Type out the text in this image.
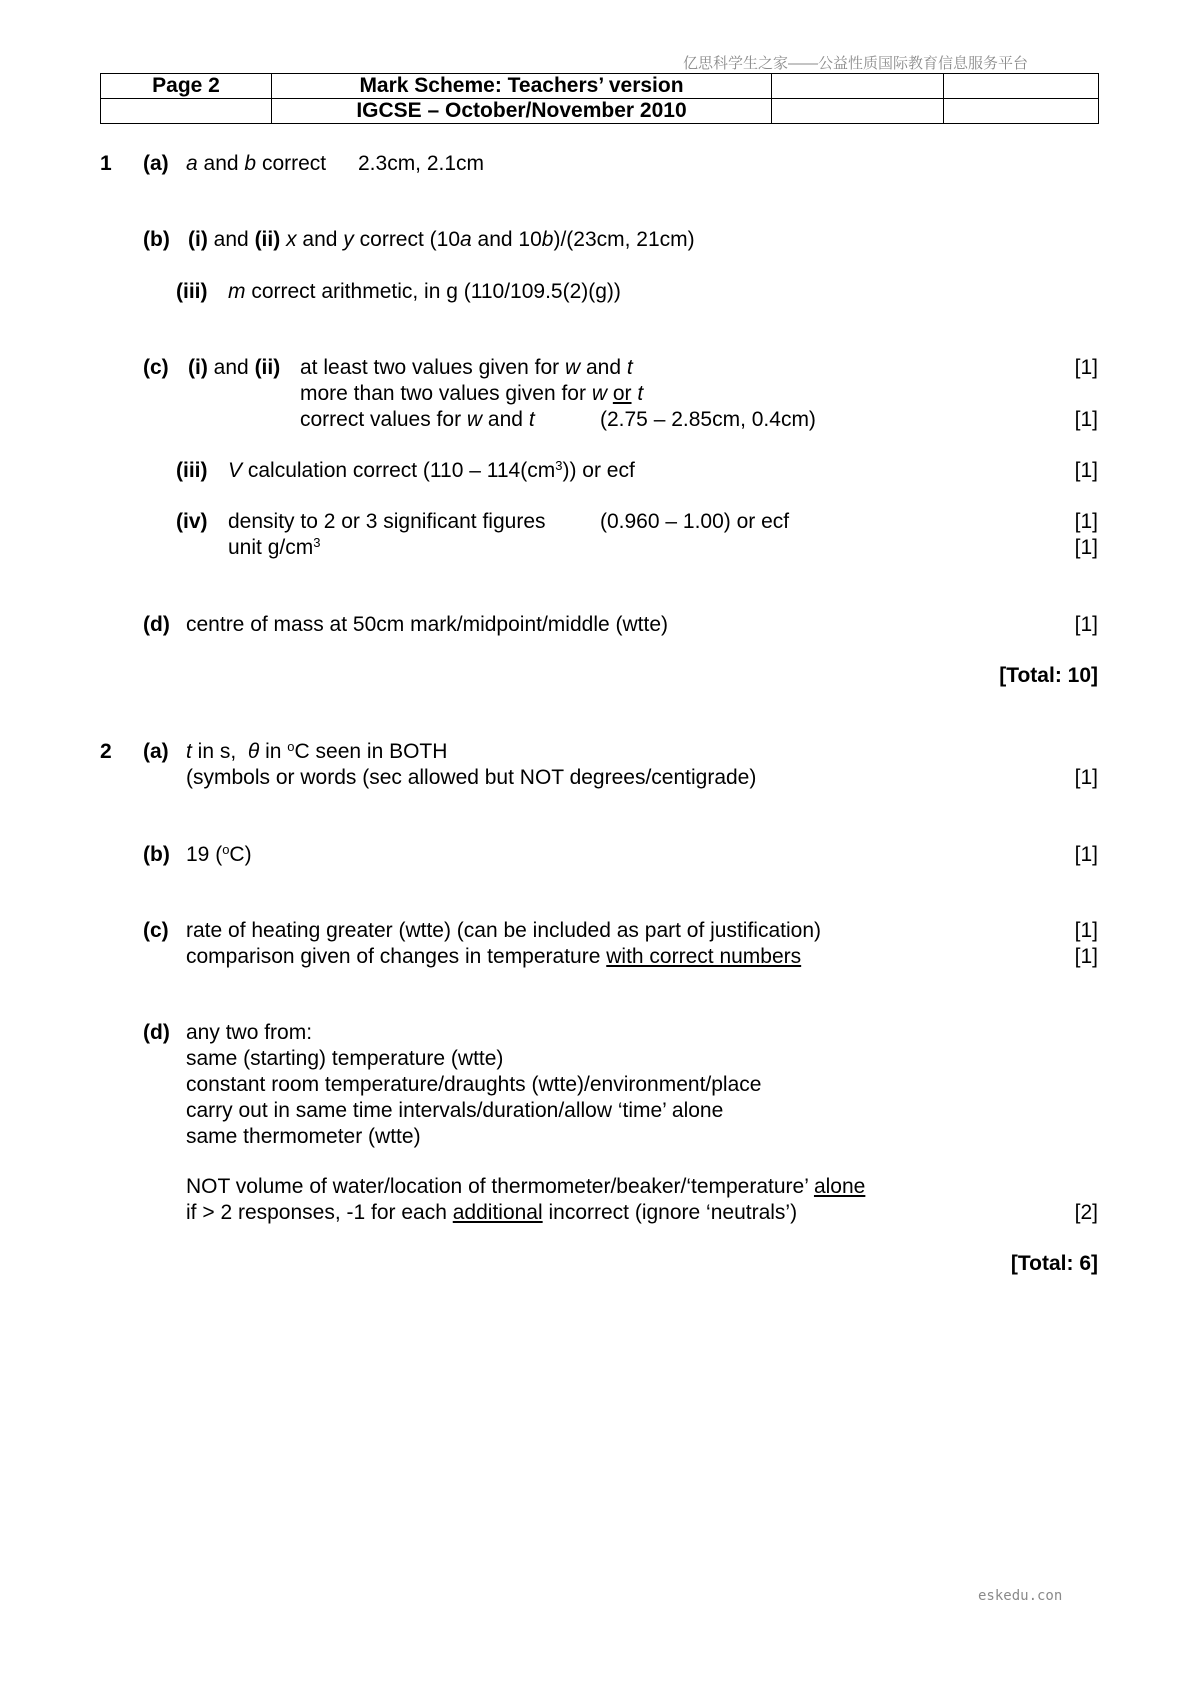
亿思科学生之家——公益性质国际教育信息服务平台
Page 2	Mark Scheme: Teachers’ version		
	IGCSE – October/November 2010		
1 (a) a and b correct 2.3cm, 2.1cm
(b) (i) and (ii) x and y correct (10a and 10b)/(23cm, 21cm)
(iii) m correct arithmetic, in g (110/109.5(2)(g))
(c) (i) and (ii) at least two values given for w and t	[1]
more than two values given for w or t
correct values for w and t	(2.75 – 2.85cm, 0.4cm)	[1]
(iii) V calculation correct $(110 - 114(cm^3))$ or ecf	[1]
(iv) density to 2 or 3 significant figures	(0.960 – 1.00) or ecf	[1]
unit $g/cm^3$	[1]
(d) centre of mass at 50cm mark/midpoint/middle (wtte)	[1]
[Total: 10]
2 (a) t in s,  θ in $^o$C seen in BOTH
(symbols or words (sec allowed but NOT degrees/centigrade)	[1]
(b) 19 ($^o$C)	[1]
(c) rate of heating greater (wtte) (can be included as part of justification)	[1]
comparison given of changes in temperature with correct numbers	[1]
(d) any two from:
same (starting) temperature (wtte)
constant room temperature/draughts (wtte)/environment/place
carry out in same time intervals/duration/allow ‘time’ alone
same thermometer (wtte)
NOT volume of water/location of thermometer/beaker/‘temperature’ alone
if > 2 responses, -1 for each additional incorrect (ignore ‘neutrals’)	[2]
[Total: 6]
eskedu.con
